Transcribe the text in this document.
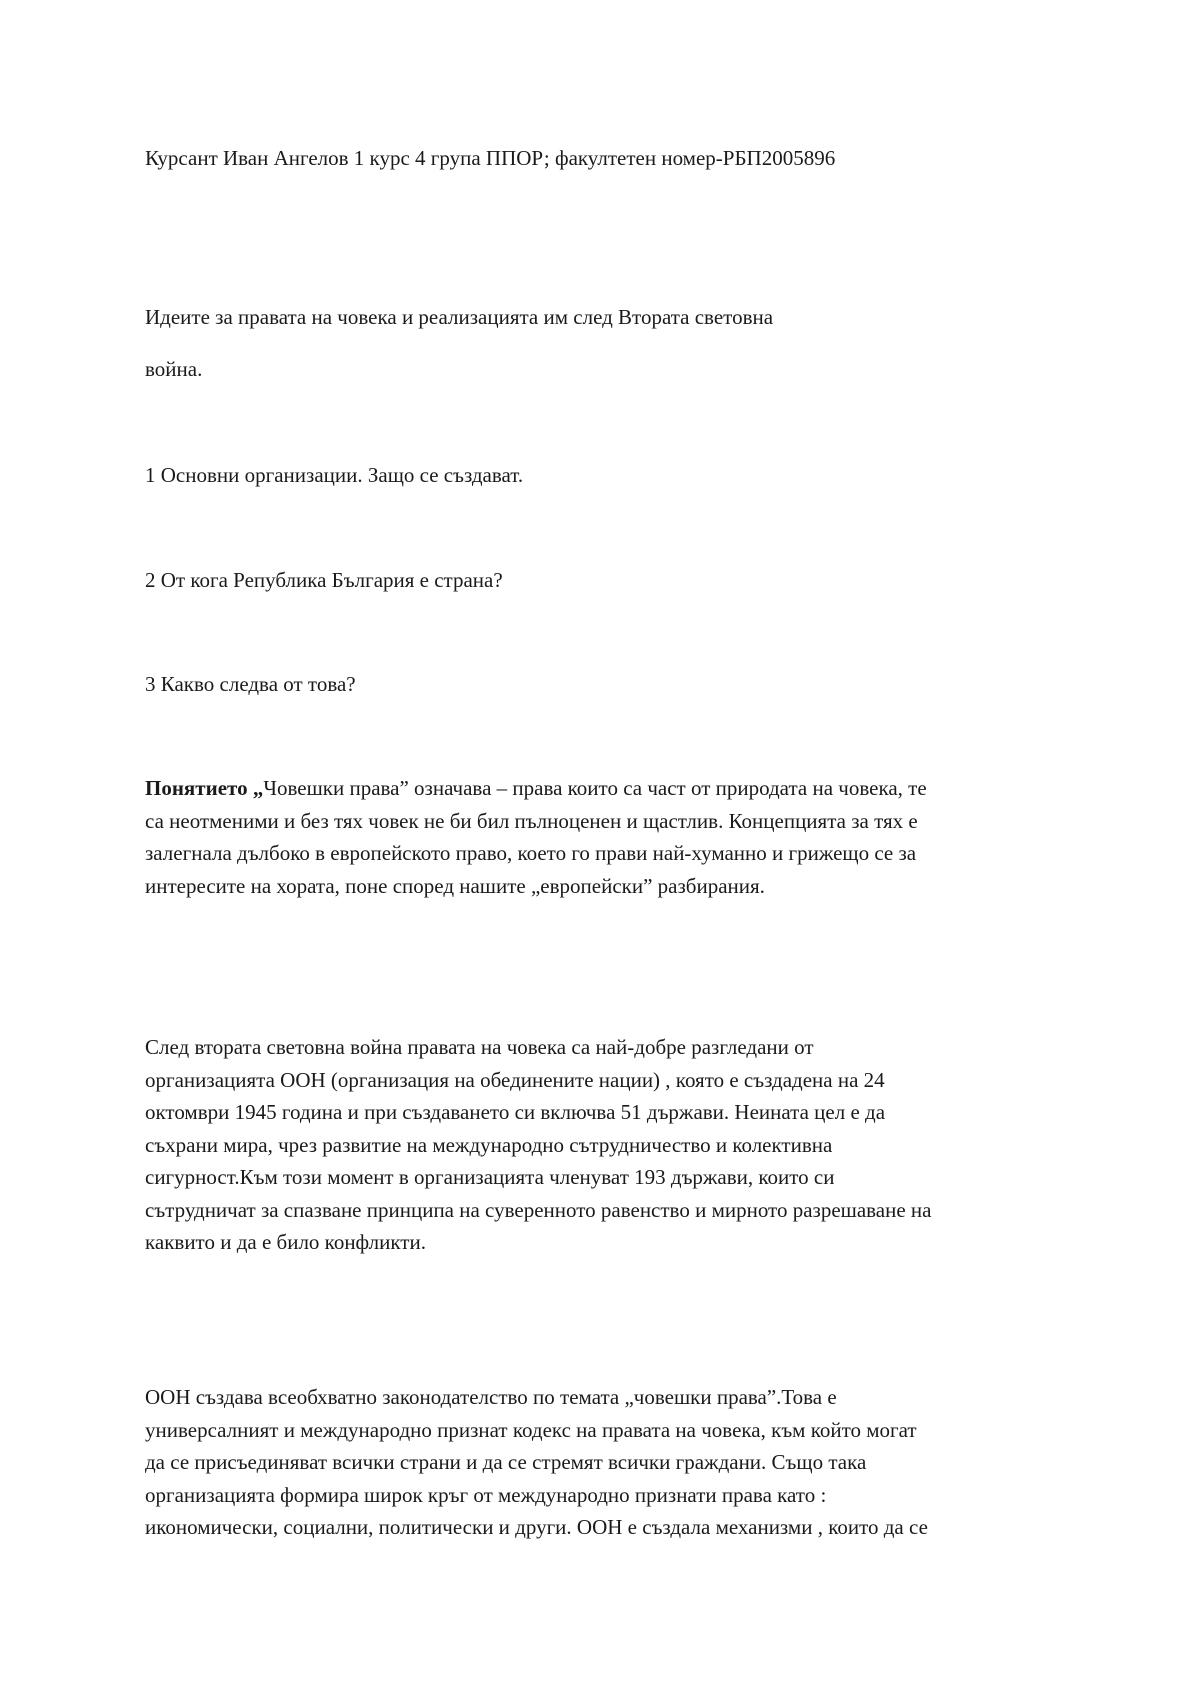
Курсант Иван Ангелов 1 курс 4 група ППОР; факултетен номер-РБП2005896
Идеите за правата на човека и реализацията им след Втората световна
война.
1 Основни организации. Защо се създават.
2 От кога Република България е страна?
3 Какво следва от това?

Понятието „Човешки права” означава – права които са част от природата на човека, те

са неотменими и без тях човек не би бил пълноценен и щастлив. Концепцията за тях е

залегнала дълбоко в европейското право, което го прави най-хуманно и грижещо се за

интересите на хората, поне според нашите „европейски” разбирания.

След втората световна война правата на човека са най-добре разгледани от

организацията ООН (организация на обединените нации) , която е създадена на 24

октомври 1945 година и при създаването си включва 51 държави. Неината цел е да

съхрани мира, чрез развитие на международно сътрудничество и колективна

сигурност.Към този момент в организацията членуват 193 държави, които си

сътрудничат за спазване принципа на суверенното равенство и мирното разрешаване на

каквито и да е било конфликти.

ООН създава всеобхватно законодателство по темата „човешки права”.Това е

универсалният и международно признат кодекс на правата на човека, към който могат

да се присъединяват всички страни и да се стремят всички граждани. Също така

организацията формира широк кръг от международно признати права като :

икономически, социални, политически и други. ООН е създала механизми , които да се
